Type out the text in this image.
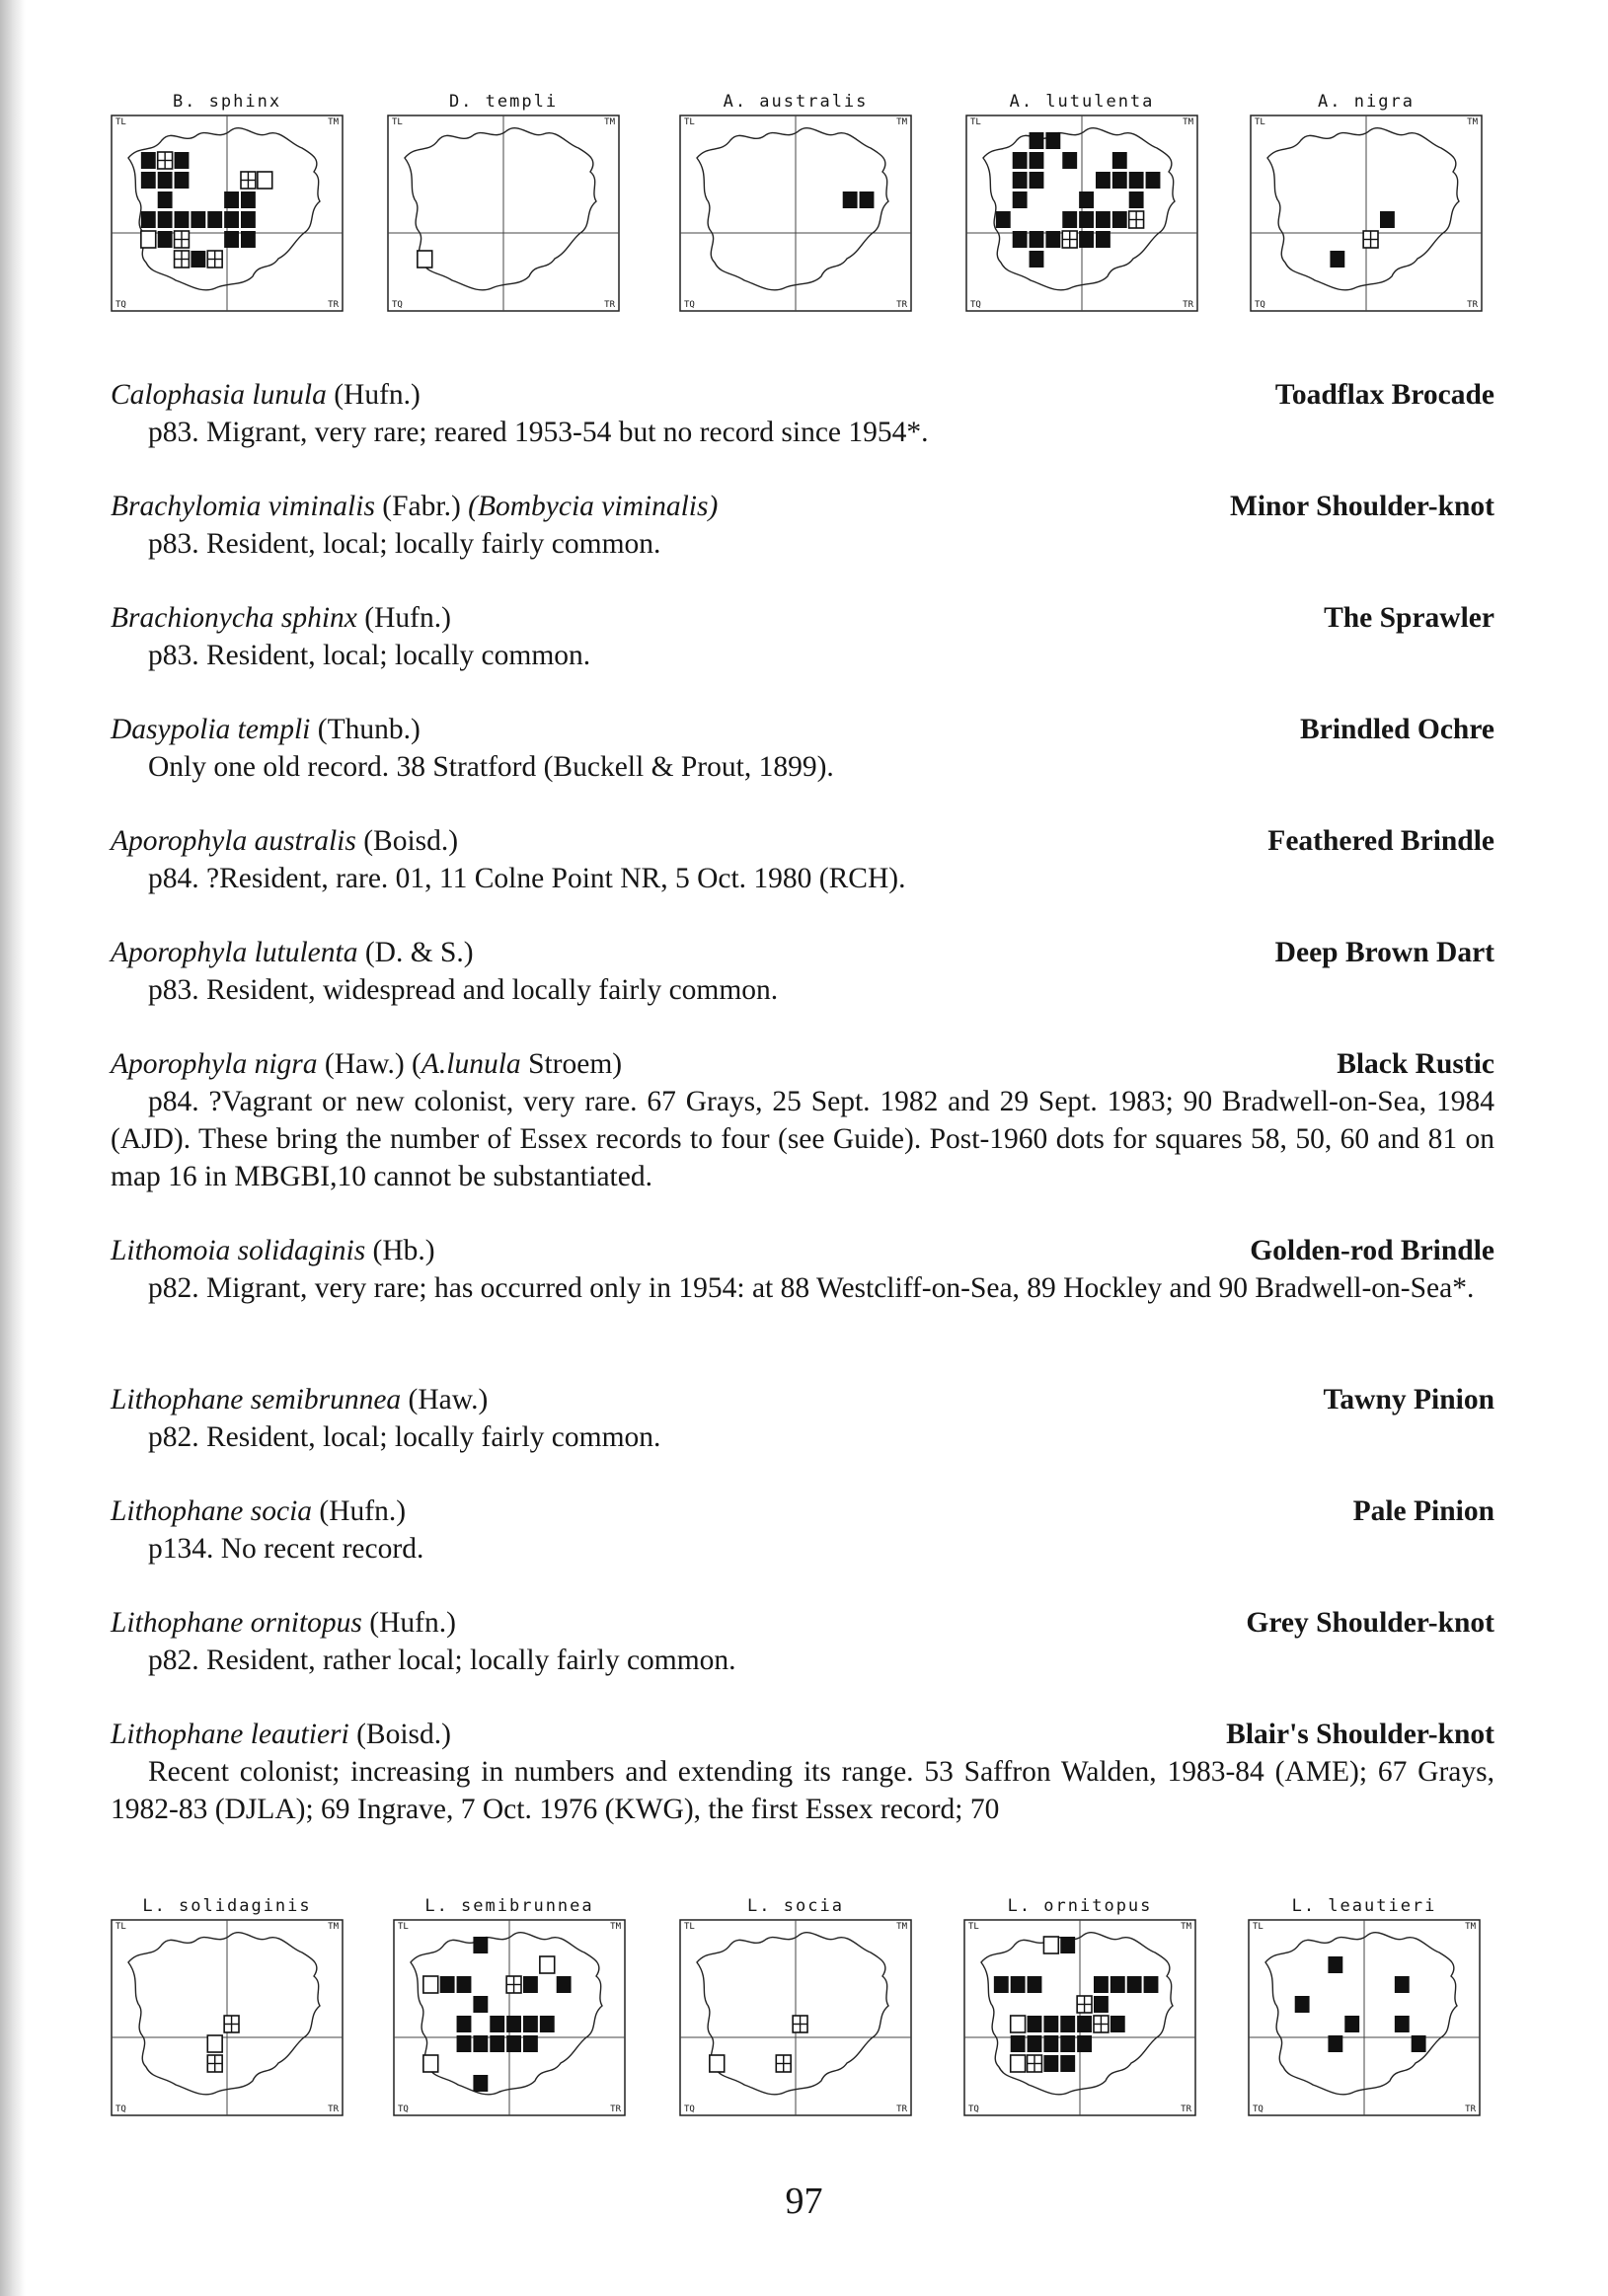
B. sphinx
TL	TM
TQ	TR
D. templi
TL	TM
TQ	TR
A. australis
TL	TM
TQ	TR
A. lutulenta
TL	TM
TQ	TR
A. nigra
TL	TM
TQ	TR
Calophasia lunula (Hufn.)	Toadflax Brocade
p83. Migrant, very rare; reared 1953-54 but no record since 1954*.
Brachylomia viminalis (Fabr.) (Bombycia viminalis)	Minor Shoulder-knot
p83. Resident, local; locally fairly common.
Brachionycha sphinx (Hufn.)	The Sprawler
p83. Resident, local; locally common.
Dasypolia templi (Thunb.)	Brindled Ochre
Only one old record. 38 Stratford (Buckell & Prout, 1899).
Aporophyla australis (Boisd.)	Feathered Brindle
p84. ?Resident, rare. 01, 11 Colne Point NR, 5 Oct. 1980 (RCH).
Aporophyla lutulenta (D. & S.)	Deep Brown Dart
p83. Resident, widespread and locally fairly common.
Aporophyla nigra (Haw.) (A.lunula Stroem)	Black Rustic
p84. ?Vagrant or new colonist, very rare. 67 Grays, 25 Sept. 1982 and 29 Sept. 1983; 90 Bradwell-on-Sea, 1984 (AJD). These bring the number of Essex records to four (see Guide). Post-1960 dots for squares 58, 50, 60 and 81 on map 16 in MBGBI,10 cannot be substantiated.
Lithomoia solidaginis (Hb.)	Golden-rod Brindle
p82. Migrant, very rare; has occurred only in 1954: at 88 Westcliff-on-Sea, 89 Hockley and 90 Bradwell-on-Sea*.
Lithophane semibrunnea (Haw.)	Tawny Pinion
p82. Resident, local; locally fairly common.
Lithophane socia (Hufn.)	Pale Pinion
p134. No recent record.
Lithophane ornitopus (Hufn.)	Grey Shoulder-knot
p82. Resident, rather local; locally fairly common.
Lithophane leautieri (Boisd.)	Blair's Shoulder-knot
Recent colonist; increasing in numbers and extending its range. 53 Saffron Walden, 1983-84 (AME); 67 Grays, 1982-83 (DJLA); 69 Ingrave, 7 Oct. 1976 (KWG), the first Essex record; 70
L. solidaginis
TL	TM
TQ	TR
L. semibrunnea
TL	TM
TQ	TR
L. socia
TL	TM
TQ	TR
L. ornitopus
TL	TM
TQ	TR
L. leautieri
TL	TM
TQ	TR
97
